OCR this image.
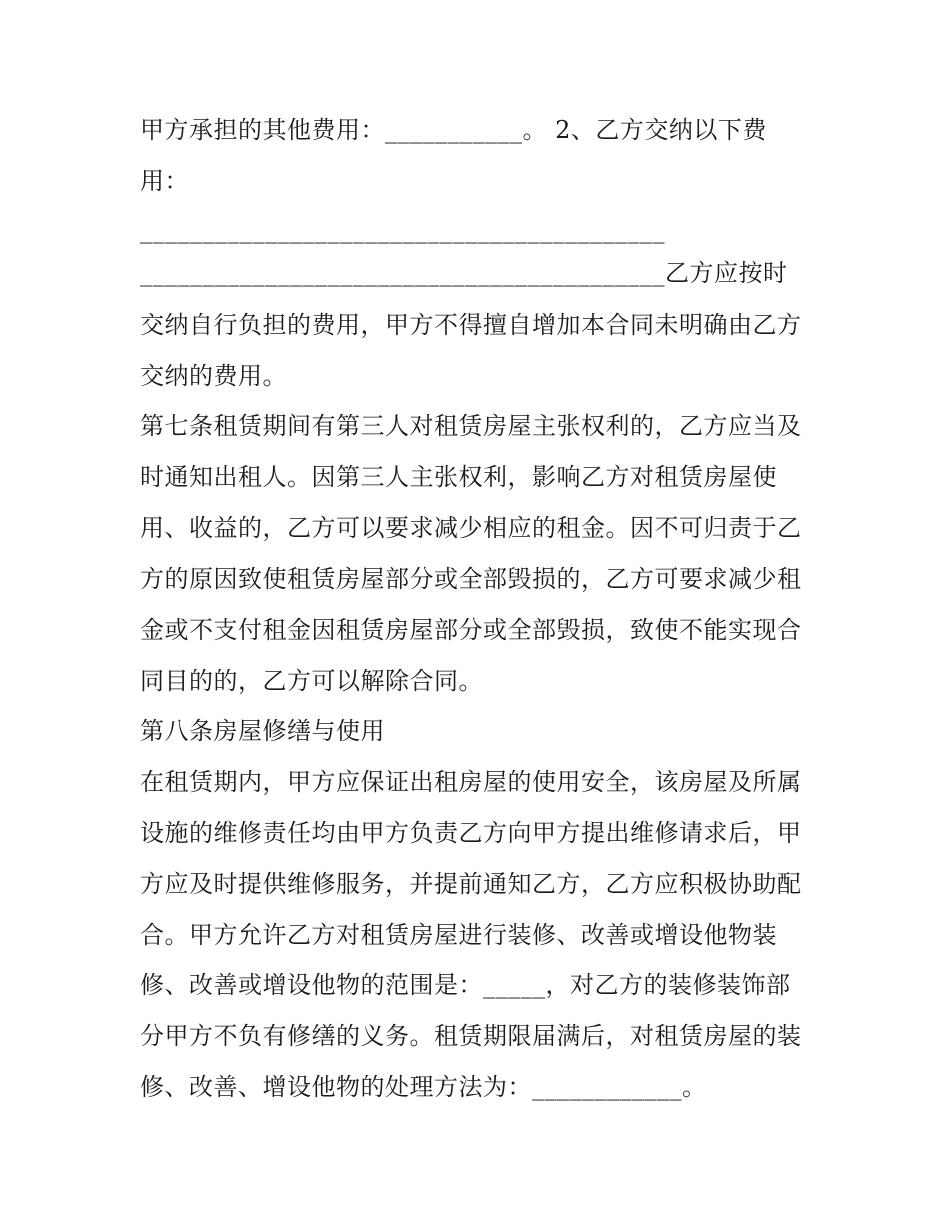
甲方承担的其他费用：___________。 2、乙方交纳以下费
用：
__________________________________________
__________________________________________乙方应按时
交纳自行负担的费用，甲方不得擅自增加本合同未明确由乙方
交纳的费用。
第七条租赁期间有第三人对租赁房屋主张权利的，乙方应当及
时通知出租人。因第三人主张权利，影响乙方对租赁房屋使
用、收益的，乙方可以要求减少相应的租金。因不可归责于乙
方的原因致使租赁房屋部分或全部毁损的，乙方可要求减少租
金或不支付租金因租赁房屋部分或全部毁损，致使不能实现合
同目的的，乙方可以解除合同。
第八条房屋修缮与使用
在租赁期内，甲方应保证出租房屋的使用安全，该房屋及所属
设施的维修责任均由甲方负责乙方向甲方提出维修请求后，甲
方应及时提供维修服务，并提前通知乙方，乙方应积极协助配
合。甲方允许乙方对租赁房屋进行装修、改善或增设他物装
修、改善或增设他物的范围是：_____，对乙方的装修装饰部
分甲方不负有修缮的义务。租赁期限届满后，对租赁房屋的装
修、改善、增设他物的处理方法为：____________。
